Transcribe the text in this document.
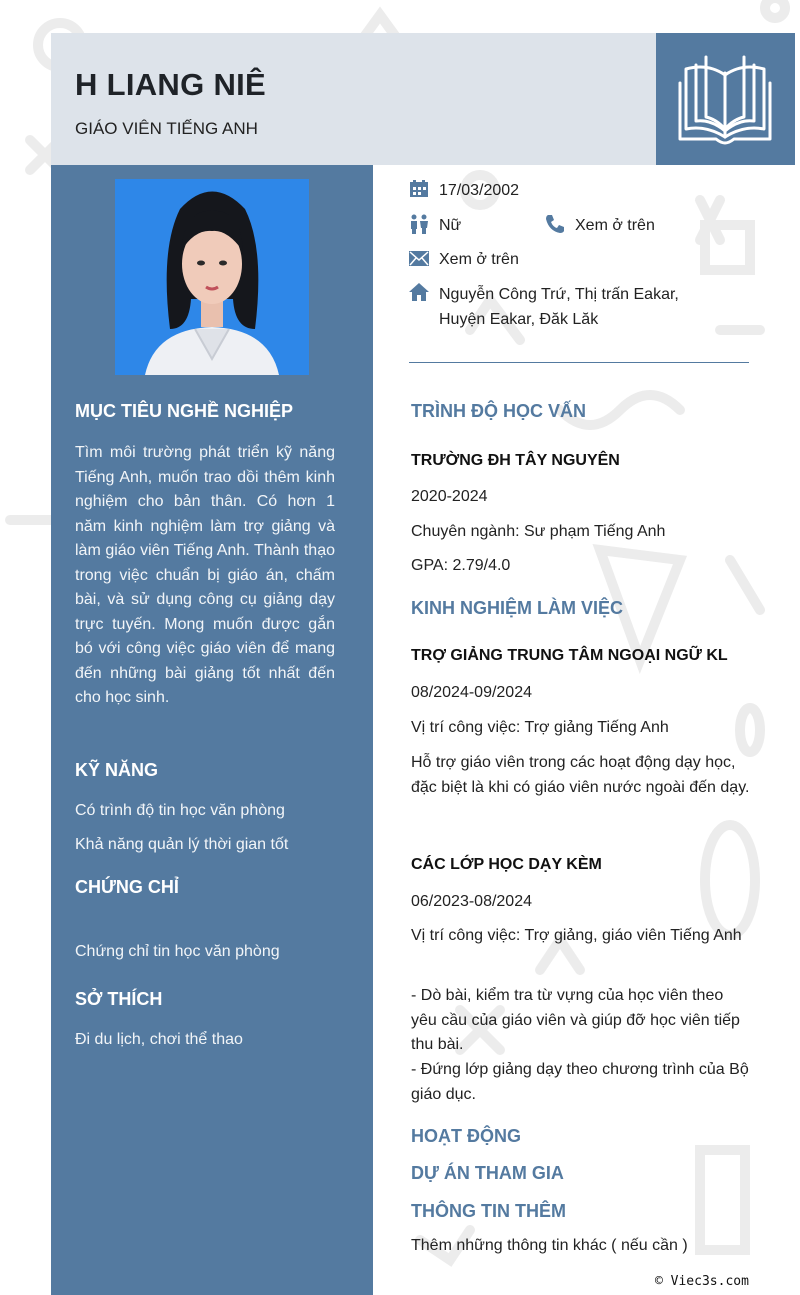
H LIANG NIÊ
GIÁO VIÊN TIẾNG ANH

MỤC TIÊU NGHỀ NGHIỆP

Tìm môi trường phát triển kỹ năng Tiếng Anh, muốn trao dồi thêm kinh nghiệm cho bản thân. Có hơn 1 năm kinh nghiệm làm trợ giảng và làm giáo viên Tiếng Anh. Thành thạo trong việc chuẩn bị giáo án, chấm bài, và sử dụng công cụ giảng dạy trực tuyến. Mong muốn được gắn bó với công việc giáo viên để mang đến những bài giảng tốt nhất đến cho học sinh.

KỸ NĂNG

Có trình độ tin học văn phòng
Khả năng quản lý thời gian tốt

CHỨNG CHỈ

Chứng chỉ tin học văn phòng

SỞ THÍCH

Đi du lịch, chơi thể thao
17/03/2002
Nữ	Xem ở trên
Xem ở trên
Nguyễn Công Trứ, Thị trấn Eakar,
Huyện Eakar, Đăk Lăk
TRÌNH ĐỘ HỌC VẤN
TRƯỜNG ĐH TÂY NGUYÊN
2020-2024
Chuyên ngành: Sư phạm Tiếng Anh
GPA: 2.79/4.0
KINH NGHIỆM LÀM VIỆC
TRỢ GIẢNG TRUNG TÂM NGOẠI NGỮ KL
08/2024-09/2024
Vị trí công việc: Trợ giảng Tiếng Anh
Hỗ trợ giáo viên trong các hoạt động dạy học, đặc biệt là khi có giáo viên nước ngoài đến dạy.
CÁC LỚP HỌC DẠY KÈM
06/2023-08/2024
Vị trí công việc: Trợ giảng, giáo viên Tiếng Anh
- Dò bài, kiểm tra từ vựng của học viên theo yêu cầu của giáo viên và giúp đỡ học viên tiếp thu bài.
- Đứng lớp giảng dạy theo chương trình của Bộ giáo dục.
HOẠT ĐỘNG
DỰ ÁN THAM GIA
THÔNG TIN THÊM
Thêm những thông tin khác ( nếu cần )
© Viec3s.com
